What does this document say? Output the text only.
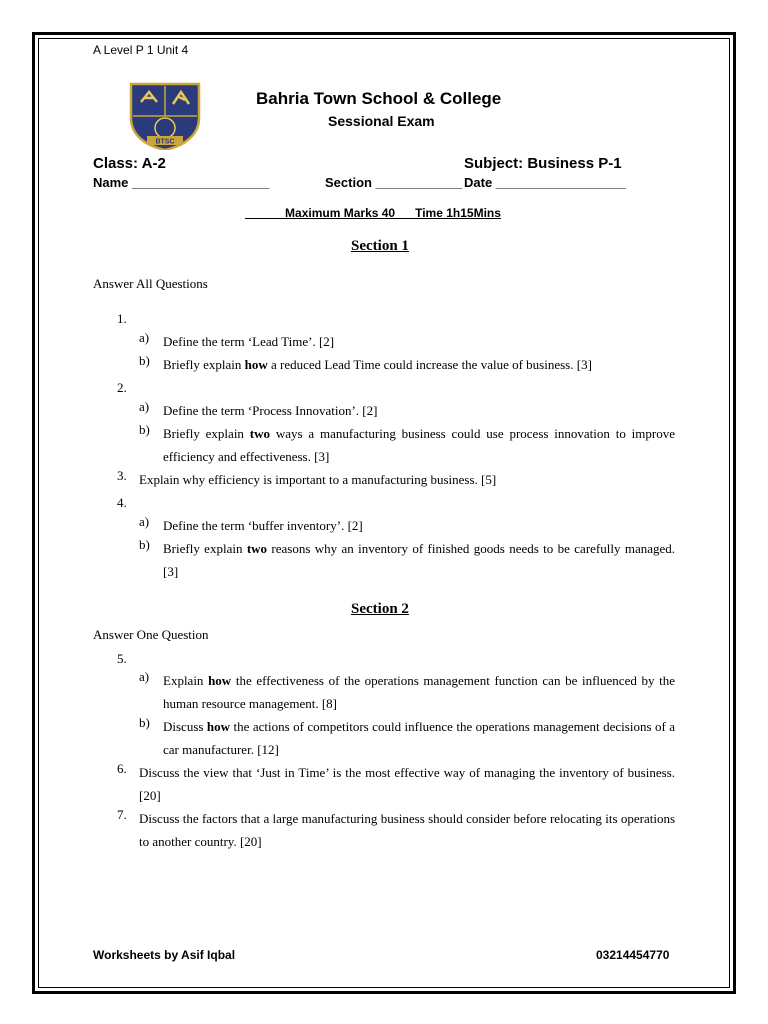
A Level P 1 Unit 4
BTSC
Bahria Town School & College
Sessional Exam
Class: A-2	Subject: Business P-1
Name ___________________	Section ____________ Date __________________
______Maximum Marks 40      Time 1h15Mins
Section 1
Answer All Questions
1.
a) Define the term ‘Lead Time’. [2]
b) Briefly explain how a reduced Lead Time could increase the value of business. [3]
2.
a) Define the term ‘Process Innovation’. [2]
b) Briefly explain two ways a manufacturing business could use process innovation to improve efficiency and effectiveness. [3]
3. Explain why efficiency is important to a manufacturing business. [5]
4.
a) Define the term ‘buffer inventory’. [2]
b) Briefly explain two reasons why an inventory of finished goods needs to be carefully managed. [3]
Section 2
Answer One Question
5.
a) Explain how the effectiveness of the operations management function can be influenced by the human resource management. [8]
b) Discuss how the actions of competitors could influence the operations management decisions of a car manufacturer. [12]
6. Discuss the view that ‘Just in Time’ is the most effective way of managing the inventory of business. [20]
7. Discuss the factors that a large manufacturing business should consider before relocating its operations to another country. [20]
Worksheets by Asif Iqbal	03214454770
